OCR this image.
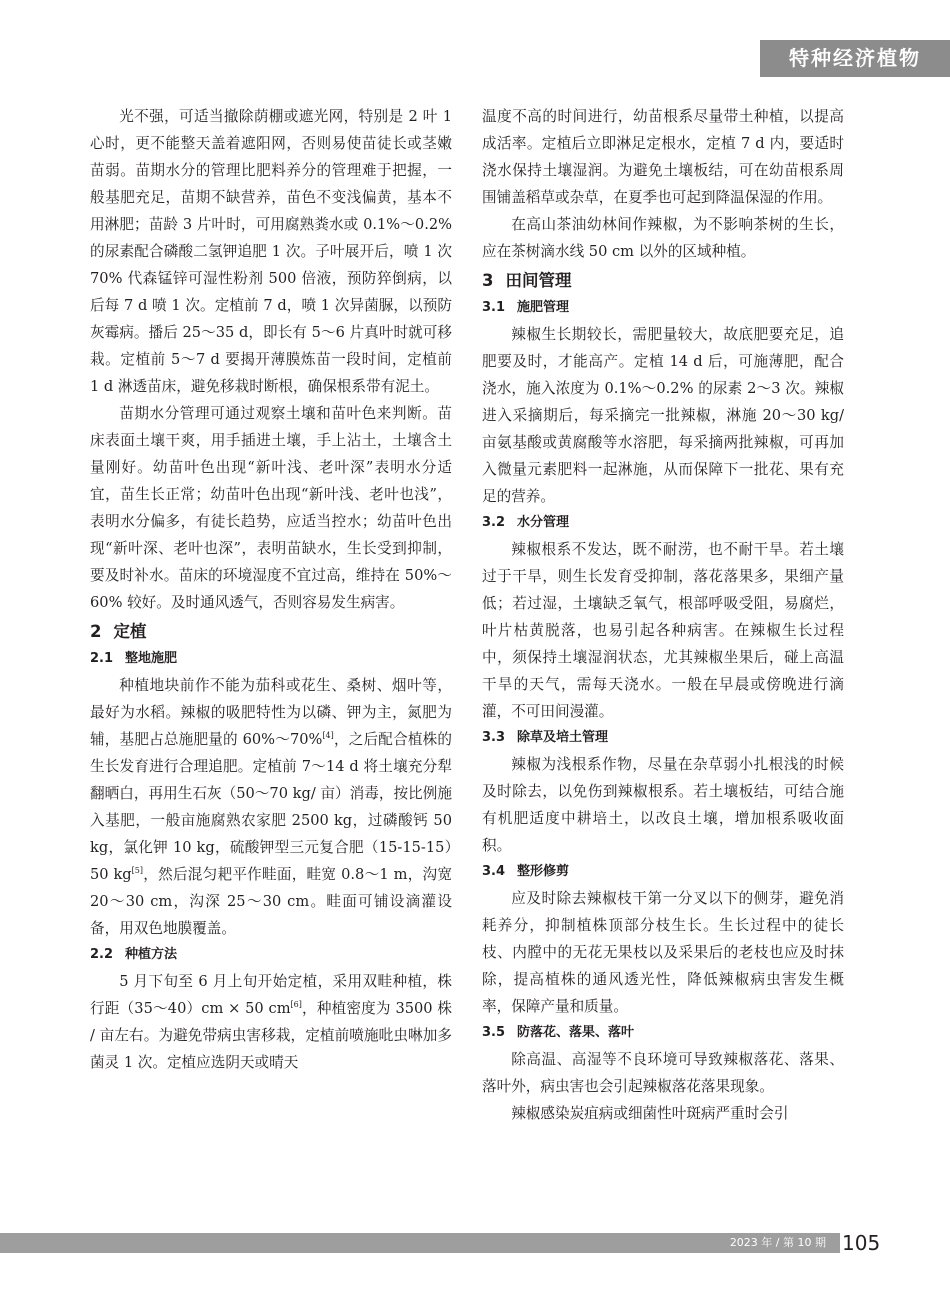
特种经济植物

光不强，可适当撤除荫棚或遮光网，特别是 2 叶 1 心时，更不能整天盖着遮阳网，否则易使苗徒长或茎嫩苗弱。苗期水分的管理比肥料养分的管理难于把握，一般基肥充足，苗期不缺营养，苗色不变浅偏黄，基本不用淋肥；苗龄 3 片叶时，可用腐熟粪水或 0.1%～0.2% 的尿素配合磷酸二氢钾追肥 1 次。子叶展开后，喷 1 次 70% 代森锰锌可湿性粉剂 500 倍液，预防猝倒病，以后每 7 d 喷 1 次。定植前 7 d，喷 1 次异菌脲，以预防灰霉病。播后 25～35 d，即长有 5～6 片真叶时就可移栽。定植前 5～7 d 要揭开薄膜炼苗一段时间，定植前 1 d 淋透苗床，避免移栽时断根，确保根系带有泥土。

苗期水分管理可通过观察土壤和苗叶色来判断。苗床表面土壤干爽，用手插进土壤，手上沾土，土壤含土量刚好。幼苗叶色出现“新叶浅、老叶深”表明水分适宜，苗生长正常；幼苗叶色出现“新叶浅、老叶也浅”，表明水分偏多，有徒长趋势，应适当控水；幼苗叶色出现“新叶深、老叶也深”，表明苗缺水，生长受到抑制，要及时补水。苗床的环境湿度不宜过高，维持在 50%～60% 较好。及时通风透气，否则容易发生病害。

2 定植
2.1 整地施肥

种植地块前作不能为茄科或花生、桑树、烟叶等，最好为水稻。辣椒的吸肥特性为以磷、钾为主，氮肥为辅，基肥占总施肥量的 60%～70%[4]，之后配合植株的生长发育进行合理追肥。定植前 7～14 d 将土壤充分犁翻晒白，再用生石灰（50～70 kg/ 亩）消毒，按比例施入基肥，一般亩施腐熟农家肥 2500 kg，过磷酸钙 50 kg，氯化钾 10 kg，硫酸钾型三元复合肥（15-15-15）50 kg[5]，然后混匀耙平作畦面，畦宽 0.8～1 m，沟宽 20～30 cm，沟深 25～30 cm。畦面可铺设滴灌设备，用双色地膜覆盖。

2.2 种植方法

5 月下旬至 6 月上旬开始定植，采用双畦种植，株行距（35～40）cm × 50 cm[6]，种植密度为 3500 株 / 亩左右。为避免带病虫害移栽，定植前喷施吡虫啉加多菌灵 1 次。定植应选阴天或晴天

温度不高的时间进行，幼苗根系尽量带土种植，以提高成活率。定植后立即淋足定根水，定植 7 d 内，要适时浇水保持土壤湿润。为避免土壤板结，可在幼苗根系周围铺盖稻草或杂草，在夏季也可起到降温保湿的作用。

在高山茶油幼林间作辣椒，为不影响茶树的生长，应在茶树滴水线 50 cm 以外的区域种植。

3 田间管理
3.1 施肥管理

辣椒生长期较长，需肥量较大，故底肥要充足，追肥要及时，才能高产。定植 14 d 后，可施薄肥，配合浇水，施入浓度为 0.1%～0.2% 的尿素 2～3 次。辣椒进入采摘期后，每采摘完一批辣椒，淋施 20～30 kg/ 亩氨基酸或黄腐酸等水溶肥，每采摘两批辣椒，可再加入微量元素肥料一起淋施，从而保障下一批花、果有充足的营养。

3.2 水分管理

辣椒根系不发达，既不耐涝，也不耐干旱。若土壤过于干旱，则生长发育受抑制，落花落果多，果细产量低；若过湿，土壤缺乏氧气，根部呼吸受阻，易腐烂，叶片枯黄脱落，也易引起各种病害。在辣椒生长过程中，须保持土壤湿润状态，尤其辣椒坐果后，碰上高温干旱的天气，需每天浇水。一般在早晨或傍晚进行滴灌，不可田间漫灌。

3.3 除草及培土管理

辣椒为浅根系作物，尽量在杂草弱小扎根浅的时候及时除去，以免伤到辣椒根系。若土壤板结，可结合施有机肥适度中耕培土，以改良土壤，增加根系吸收面积。

3.4 整形修剪

应及时除去辣椒枝干第一分叉以下的侧芽，避免消耗养分，抑制植株顶部分枝生长。生长过程中的徒长枝、内膛中的无花无果枝以及采果后的老枝也应及时抹除，提高植株的通风透光性，降低辣椒病虫害发生概率，保障产量和质量。

3.5 防落花、落果、落叶

除高温、高湿等不良环境可导致辣椒落花、落果、落叶外，病虫害也会引起辣椒落花落果现象。

辣椒感染炭疽病或细菌性叶斑病严重时会引

2023 年 / 第 10 期 105
